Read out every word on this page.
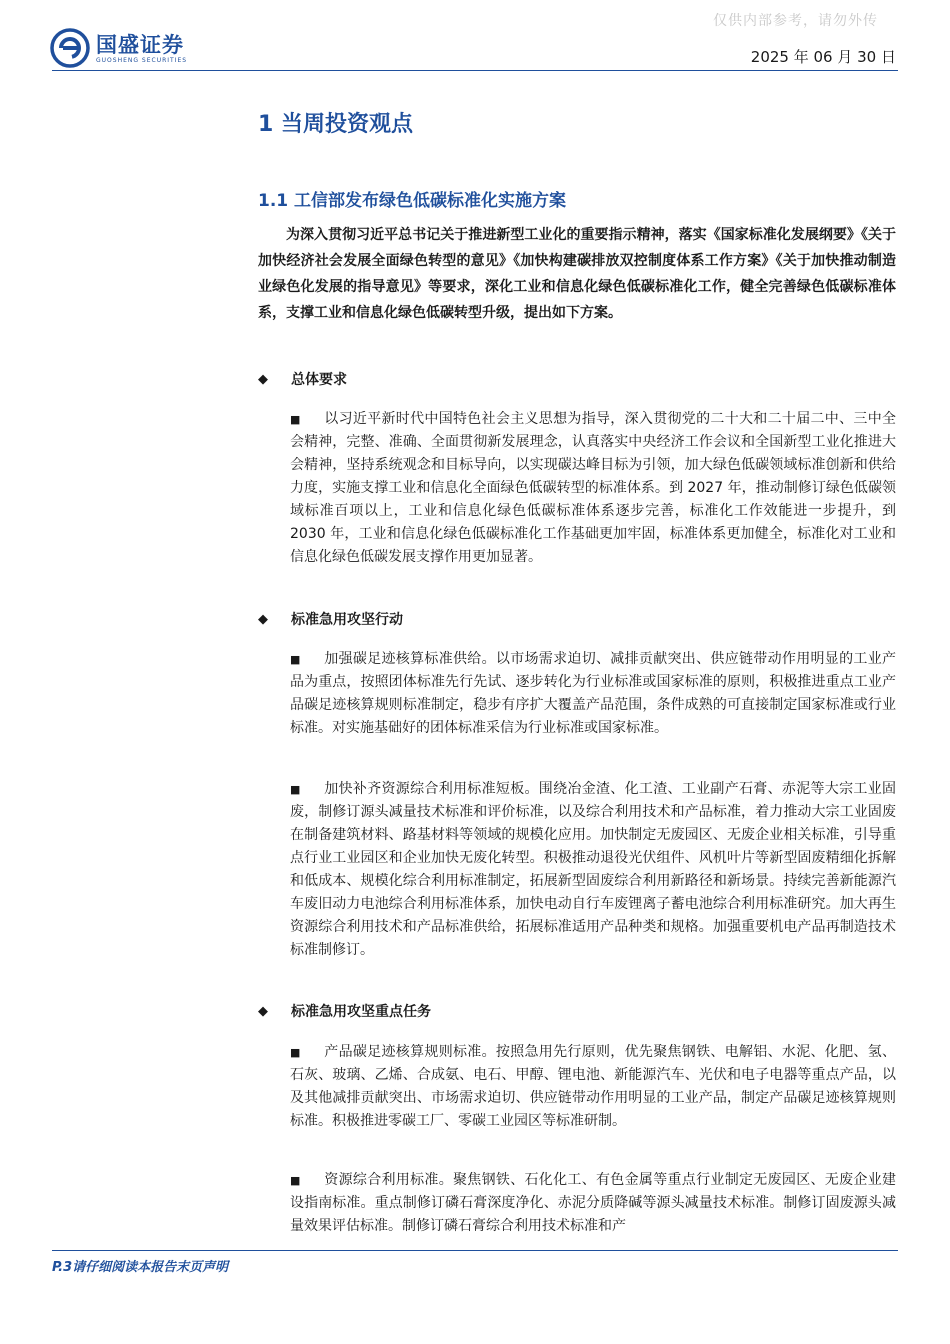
仅供内部参考，请勿外传
国盛证券
GUOSHENG SECURITIES	2025 年 06 月 30 日
1 当周投资观点
1.1 工信部发布绿色低碳标准化实施方案

为深入贯彻习近平总书记关于推进新型工业化的重要指示精神，落实《国家标准化发展纲要》《关于加快经济社会发展全面绿色转型的意见》《加快构建碳排放双控制度体系工作方案》《关于加快推动制造业绿色化发展的指导意见》等要求，深化工业和信息化绿色低碳标准化工作，健全完善绿色低碳标准体系，支撑工业和信息化绿色低碳转型升级，提出如下方案。

◆	总体要求

■ 以习近平新时代中国特色社会主义思想为指导，深入贯彻党的二十大和二十届二中、三中全会精神，完整、准确、全面贯彻新发展理念，认真落实中央经济工作会议和全国新型工业化推进大会精神，坚持系统观念和目标导向，以实现碳达峰目标为引领，加大绿色低碳领域标准创新和供给力度，实施支撑工业和信息化全面绿色低碳转型的标准体系。到 2027 年，推动制修订绿色低碳领域标准百项以上，工业和信息化绿色低碳标准体系逐步完善，标准化工作效能进一步提升，到 2030 年，工业和信息化绿色低碳标准化工作基础更加牢固，标准体系更加健全，标准化对工业和信息化绿色低碳发展支撑作用更加显著。

◆	标准急用攻坚行动

■ 加强碳足迹核算标准供给。以市场需求迫切、减排贡献突出、供应链带动作用明显的工业产品为重点，按照团体标准先行先试、逐步转化为行业标准或国家标准的原则，积极推进重点工业产品碳足迹核算规则标准制定，稳步有序扩大覆盖产品范围，条件成熟的可直接制定国家标准或行业标准。对实施基础好的团体标准采信为行业标准或国家标准。

■ 加快补齐资源综合利用标准短板。围绕冶金渣、化工渣、工业副产石膏、赤泥等大宗工业固废，制修订源头减量技术标准和评价标准，以及综合利用技术和产品标准，着力推动大宗工业固废在制备建筑材料、路基材料等领域的规模化应用。加快制定无废园区、无废企业相关标准，引导重点行业工业园区和企业加快无废化转型。积极推动退役光伏组件、风机叶片等新型固废精细化拆解和低成本、规模化综合利用标准制定，拓展新型固废综合利用新路径和新场景。持续完善新能源汽车废旧动力电池综合利用标准体系，加快电动自行车废锂离子蓄电池综合利用标准研究。加大再生资源综合利用技术和产品标准供给，拓展标准适用产品种类和规格。加强重要机电产品再制造技术标准制修订。

◆	标准急用攻坚重点任务

■ 产品碳足迹核算规则标准。按照急用先行原则，优先聚焦钢铁、电解铝、水泥、化肥、氢、石灰、玻璃、乙烯、合成氨、电石、甲醇、锂电池、新能源汽车、光伏和电子电器等重点产品，以及其他减排贡献突出、市场需求迫切、供应链带动作用明显的工业产品，制定产品碳足迹核算规则标准。积极推进零碳工厂、零碳工业园区等标准研制。

■ 资源综合利用标准。聚焦钢铁、石化化工、有色金属等重点行业制定无废园区、无废企业建设指南标准。重点制修订磷石膏深度净化、赤泥分质降碱等源头减量技术标准。制修订固废源头减量效果评估标准。制修订磷石膏综合利用技术标准和产

P.3请仔细阅读本报告末页声明
